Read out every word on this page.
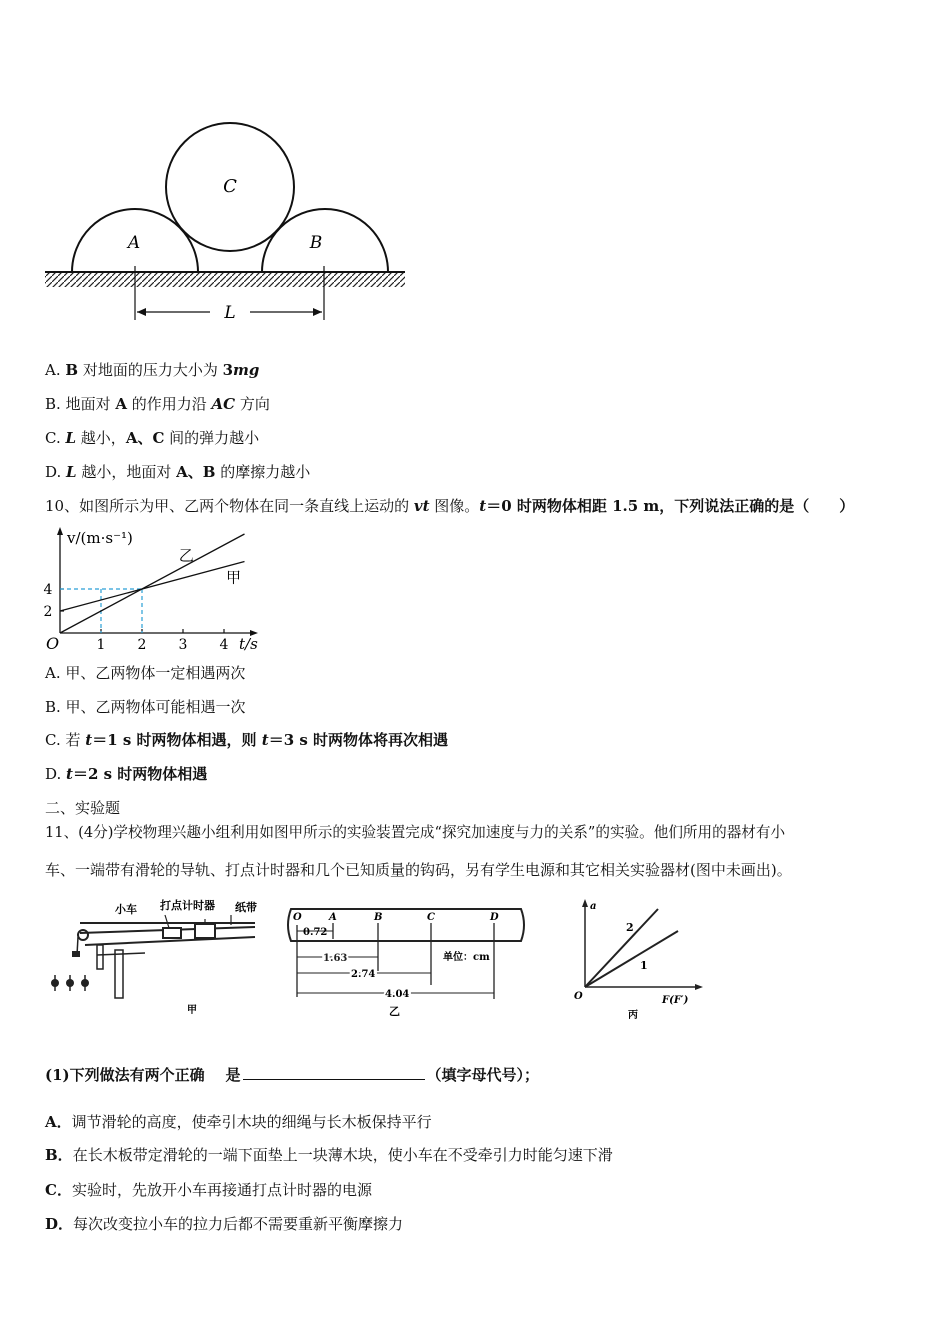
A	B
C
L
A. B 对地面的压力大小为 3mg
B. 地面对 A 的作用力沿 AC 方向
C. L 越小，A、C 间的弹力越小
D. L 越小，地面对 A、B 的摩擦力越小
10、如图所示为甲、乙两个物体在同一条直线上运动的 vt 图像。t＝0 时两物体相距 1.5 m，下列说法正确的是（　　）
v/(m·s⁻¹)
t/s
O	1 2 3 4
2
4
甲
乙
A. 甲、乙两物体一定相遇两次
B. 甲、乙两物体可能相遇一次
C. 若 t＝1 s 时两物体相遇，则 t＝3 s 时两物体将再次相遇
D. t＝2 s 时两物体相遇
二、实验题
11、(4分)学校物理兴趣小组利用如图甲所示的实验装置完成“探究加速度与力的关系”的实验。他们所用的器材有小
车、一端带有滑轮的导轨、打点计时器和几个已知质量的钩码，另有学生电源和其它相关实验器材(图中未画出)。
小车 打点计时器 纸带
甲
O	A	B	C	D
0.72
1.63
2.74
4.04
单位：cm
乙
a
F(F′)
O
2
1
丙
(1)下列做法有两个正确 是	（填字母代号）；
A．调节滑轮的高度，使牵引木块的细绳与长木板保持平行
B．在长木板带定滑轮的一端下面垫上一块薄木块，使小车在不受牵引力时能匀速下滑
C．实验时，先放开小车再接通打点计时器的电源
D．每次改变拉小车的拉力后都不需要重新平衡摩擦力
